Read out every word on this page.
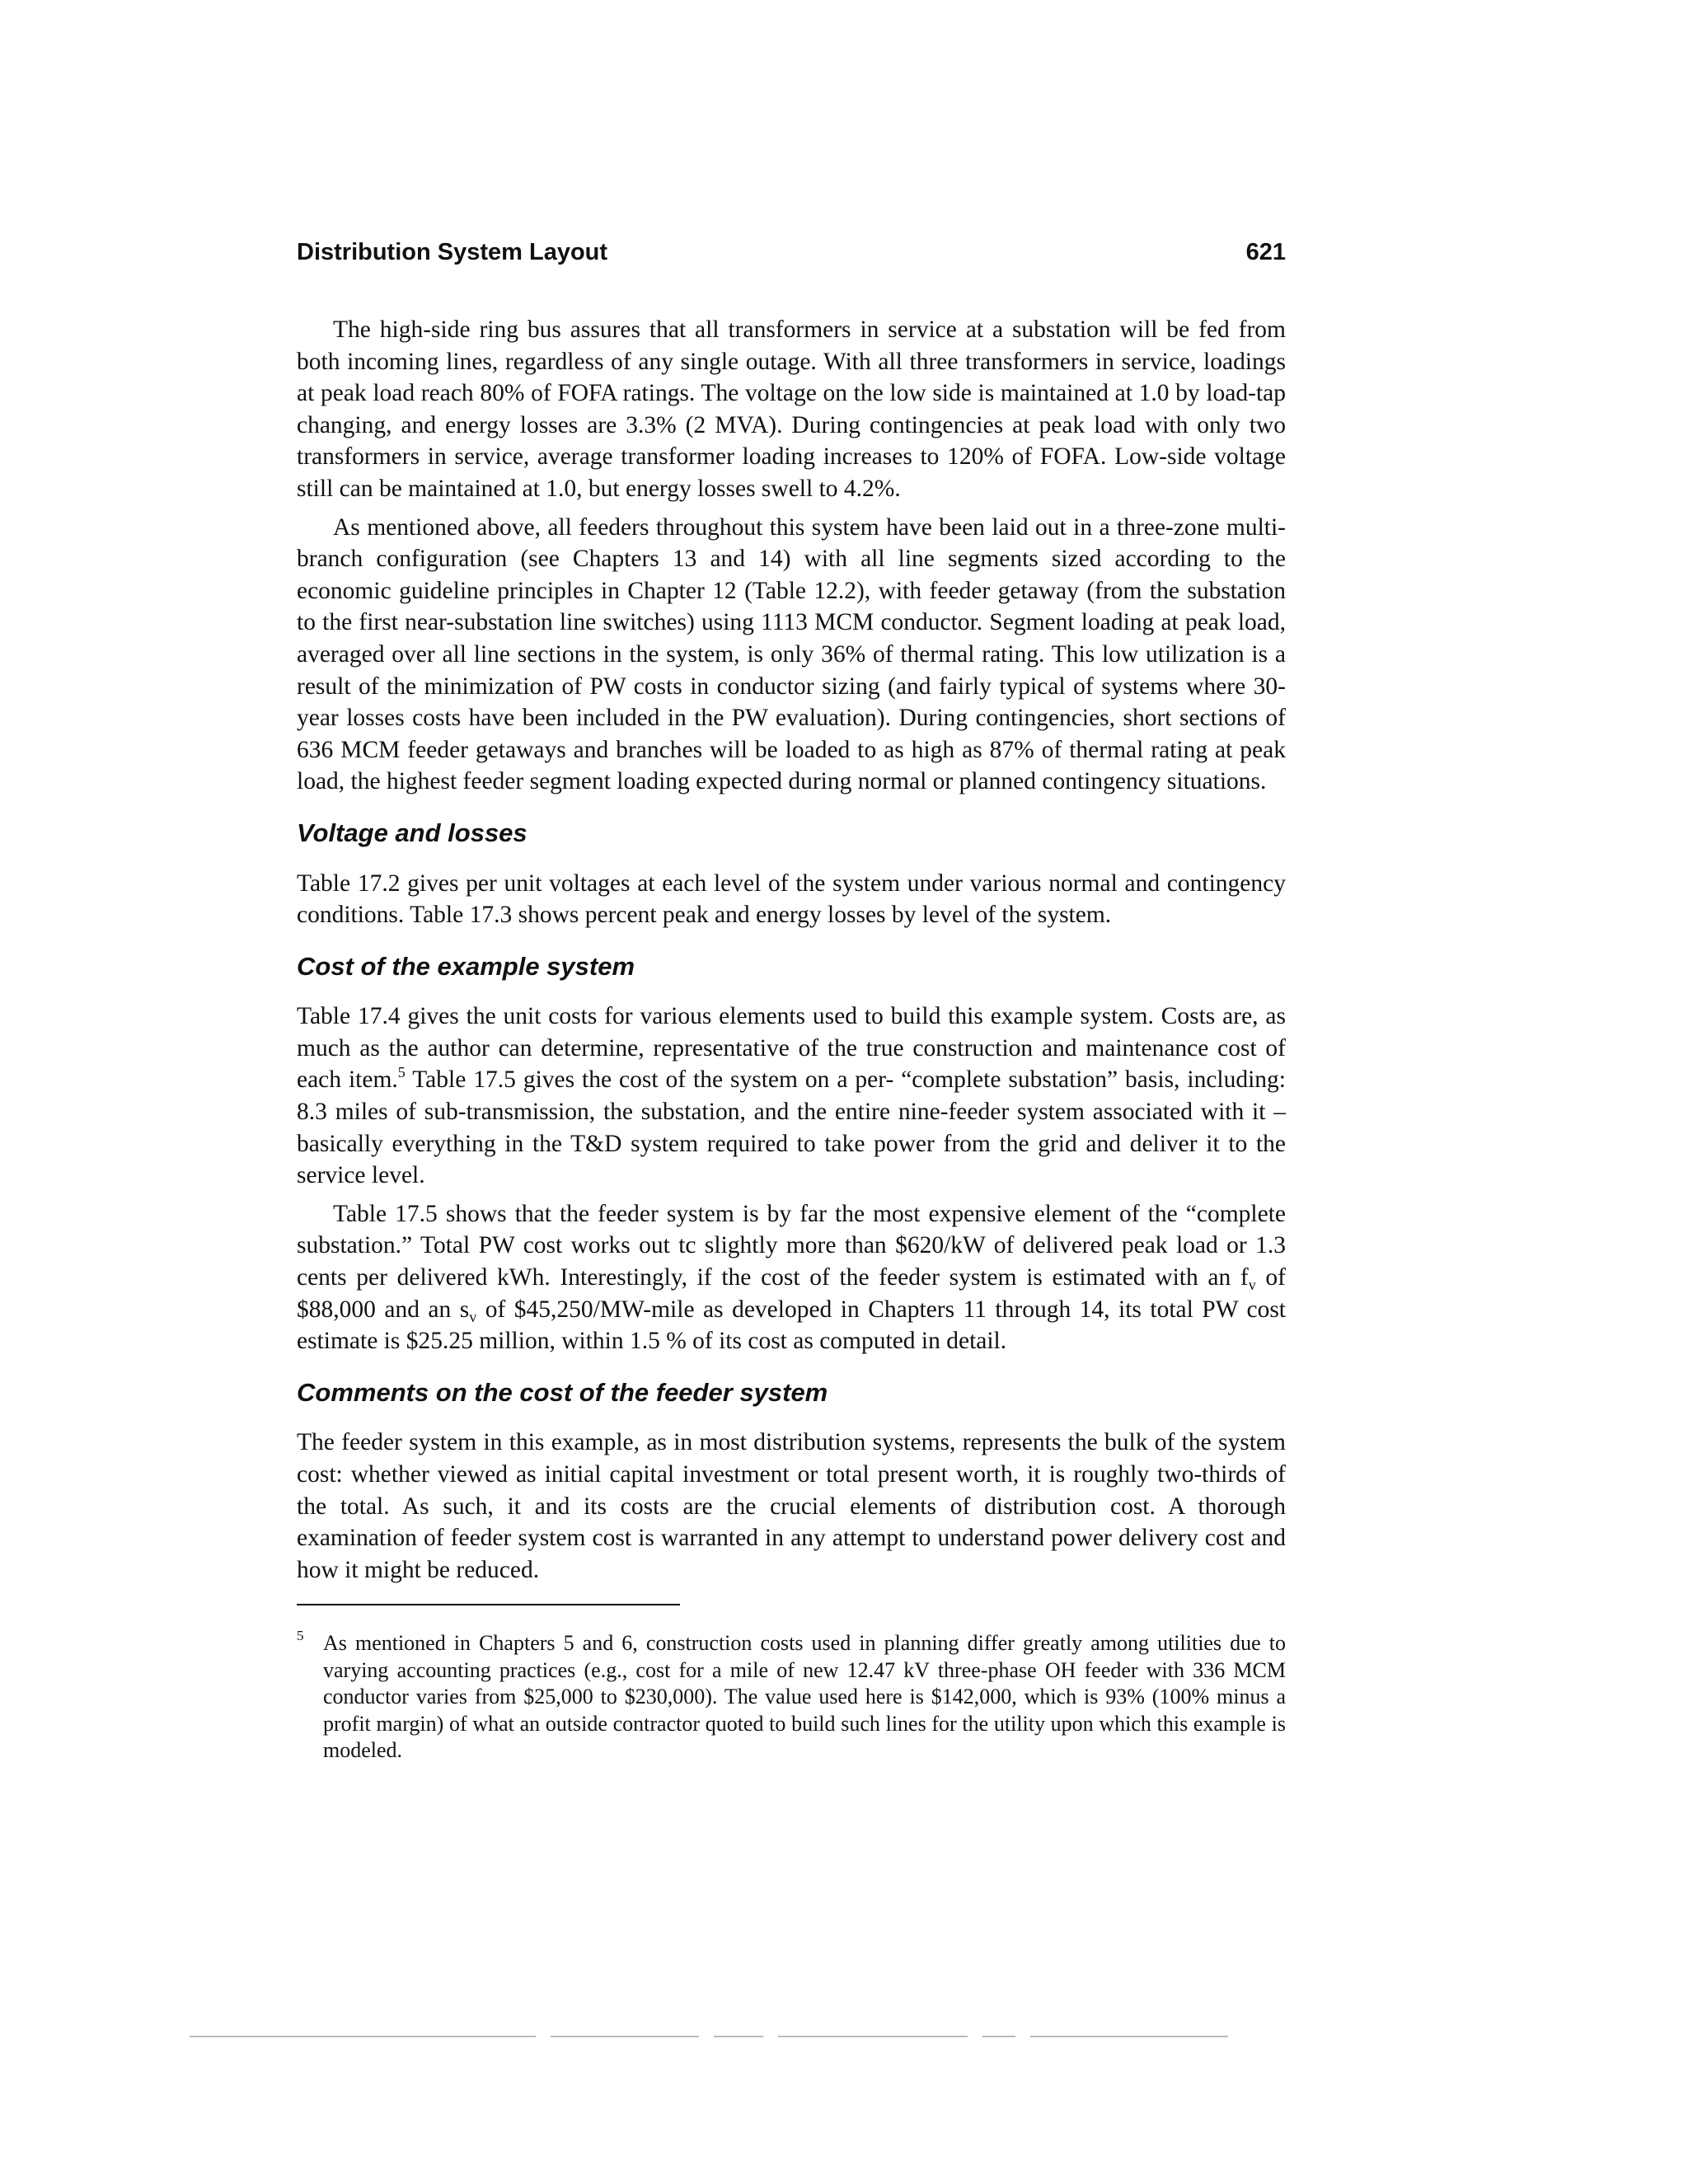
Distribution System Layout	621

The high-side ring bus assures that all transformers in service at a substation will be fed from both incoming lines, regardless of any single outage. With all three transformers in service, loadings at peak load reach 80% of FOFA ratings. The voltage on the low side is maintained at 1.0 by load-tap changing, and energy losses are 3.3% (2 MVA). During contingencies at peak load with only two transformers in service, average transformer loading increases to 120% of FOFA. Low-side voltage still can be maintained at 1.0, but energy losses swell to 4.2%.

As mentioned above, all feeders throughout this system have been laid out in a three-zone multi-branch configuration (see Chapters 13 and 14) with all line segments sized according to the economic guideline principles in Chapter 12 (Table 12.2), with feeder getaway (from the substation to the first near-substation line switches) using 1113 MCM conductor. Segment loading at peak load, averaged over all line sections in the system, is only 36% of thermal rating. This low utilization is a result of the minimization of PW costs in conductor sizing (and fairly typical of systems where 30-year losses costs have been included in the PW evaluation). During contingencies, short sections of 636 MCM feeder getaways and branches will be loaded to as high as 87% of thermal rating at peak load, the highest feeder segment loading expected during normal or planned contingency situations.

Voltage and losses

Table 17.2 gives per unit voltages at each level of the system under various normal and contingency conditions. Table 17.3 shows percent peak and energy losses by level of the system.

Cost of the example system

Table 17.4 gives the unit costs for various elements used to build this example system. Costs are, as much as the author can determine, representative of the true construction and maintenance cost of each item.$^5$ Table 17.5 gives the cost of the system on a per- “complete substation” basis, including: 8.3 miles of sub-transmission, the substation, and the entire nine-feeder system associated with it – basically everything in the T&D system required to take power from the grid and deliver it to the service level.

Table 17.5 shows that the feeder system is by far the most expensive element of the “complete substation.” Total PW cost works out tc slightly more than $620/kW of delivered peak load or 1.3 cents per delivered kWh. Interestingly, if the cost of the feeder system is estimated with an $f_v$ of $88,000 and an $s_v$ of $45,250/MW-mile as developed in Chapters 11 through 14, its total PW cost estimate is $25.25 million, within 1.5 % of its cost as computed in detail.

Comments on the cost of the feeder system

The feeder system in this example, as in most distribution systems, represents the bulk of the system cost: whether viewed as initial capital investment or total present worth, it is roughly two-thirds of the total. As such, it and its costs are the crucial elements of distribution cost. A thorough examination of feeder system cost is warranted in any attempt to understand power delivery cost and how it might be reduced.

5 As mentioned in Chapters 5 and 6, construction costs used in planning differ greatly among utilities due to varying accounting practices (e.g., cost for a mile of new 12.47 kV three-phase OH feeder with 336 MCM conductor varies from $25,000 to $230,000). The value used here is $142,000, which is 93% (100% minus a profit margin) of what an outside contractor quoted to build such lines for the utility upon which this example is modeled.
